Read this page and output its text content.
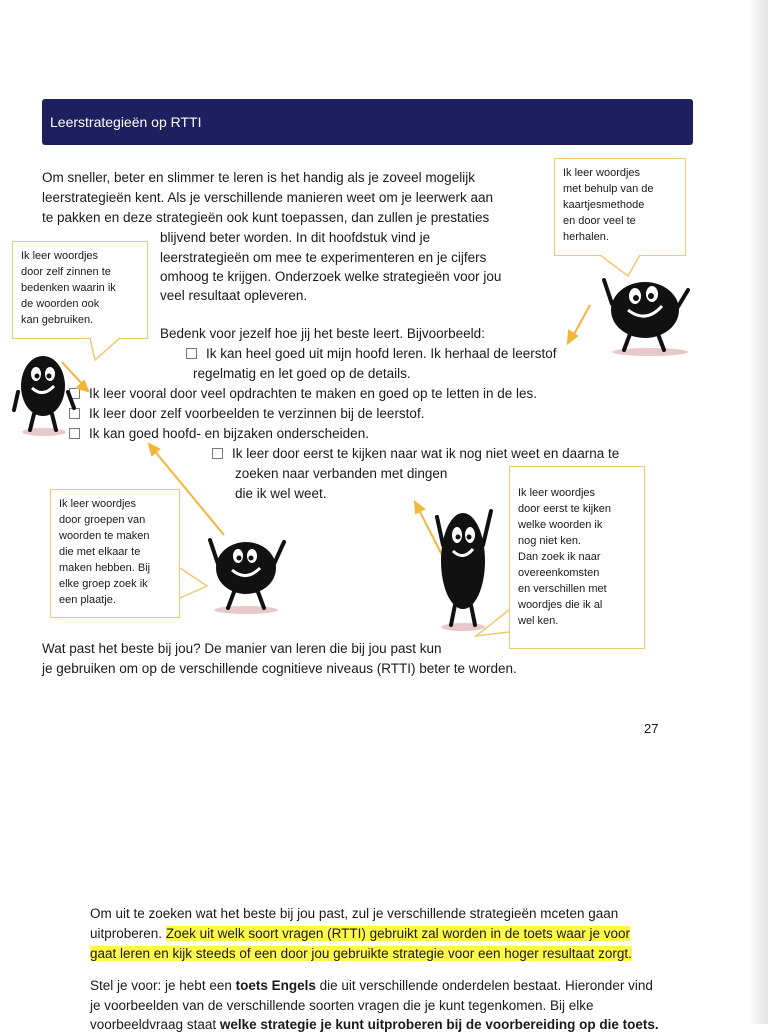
Leerstrategieën op RTTI
Om sneller, beter en slimmer te leren is het handig als je zoveel mogelijk
leerstrategieën kent. Als je verschillende manieren weet om je leerwerk aan
te pakken en deze strategieën ook kunt toepassen, dan zullen je prestaties
blijvend beter worden. In dit hoofdstuk vind je
leerstrategieën om mee te experimenteren en je cijfers
omhoog te krijgen. Onderzoek welke strategieën voor jou
veel resultaat opleveren.
Bedenk voor jezelf hoe jij het beste leert. Bijvoorbeeld:
Ik kan heel goed uit mijn hoofd leren. Ik herhaal de leerstof
regelmatig en let goed op de details.
Ik leer vooral door veel opdrachten te maken en goed op te letten in de les.
Ik leer door zelf voorbeelden te verzinnen bij de leerstof.
Ik kan goed hoofd- en bijzaken onderscheiden.
Ik leer door eerst te kijken naar wat ik nog niet weet en daarna te
zoeken naar verbanden met dingen
die ik wel weet.
Ik leer woordjes
met behulp van de
kaartjesmethode
en door veel te
herhalen.
Ik leer woordjes
door zelf zinnen te
bedenken waarin ik
de woorden ook
kan gebruiken.
Ik leer woordjes
door groepen van
woorden te maken
die met elkaar te
maken hebben. Bij
elke groep zoek ik
een plaatje.
Ik leer woordjes
door eerst te kijken
welke woorden ik
nog niet ken.
Dan zoek ik naar
overeenkomsten
en verschillen met
woordjes die ik al
wel ken.
Wat past het beste bij jou? De manier van leren die bij jou past kun
je gebruiken om op de verschillende cognitieve niveaus (RTTI) beter te worden.
27
Om uit te zoeken wat het beste bij jou past, zul je verschillende strategieën mceten gaan
uitproberen. Zoek uit welk soort vragen (RTTI) gebruikt zal worden in de toets waar je voor
gaat leren en kijk steeds of een door jou gebruikte strategie voor een hoger resultaat zorgt.
Stel je voor: je hebt een toets Engels die uit verschillende onderdelen bestaat. Hieronder vind
je voorbeelden van de verschillende soorten vragen die je kunt tegenkomen. Bij elke
voorbeeldvraag staat welke strategie je kunt uitproberen bij de voorbereiding op die toets.
